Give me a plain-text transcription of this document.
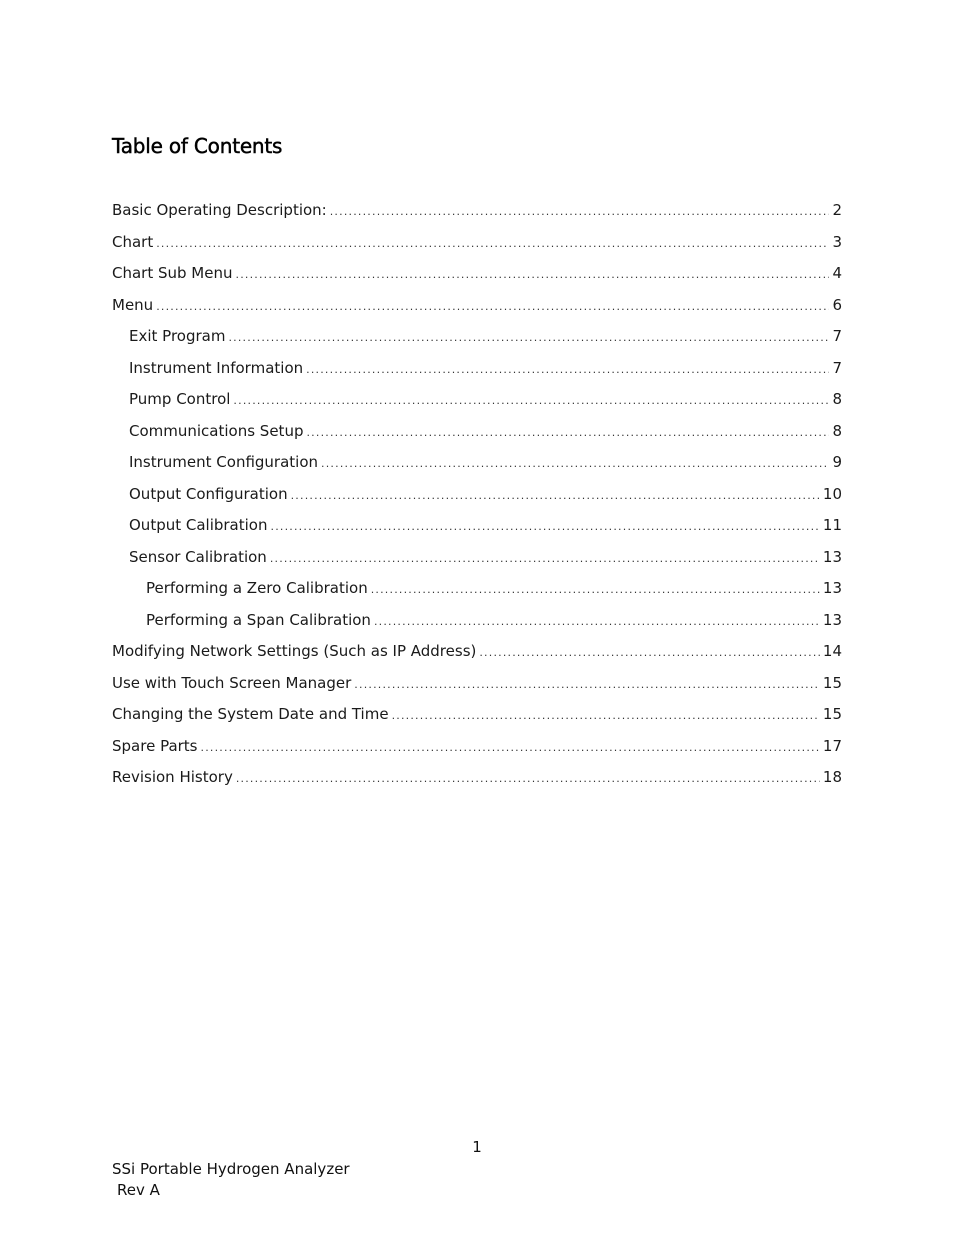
Table of Contents
Basic Operating Description: .....	2
Chart .....	3
Chart Sub Menu .....	4
Menu .....	6
Exit Program .....	7
Instrument Information .....	7
Pump Control .....	8
Communications Setup .....	8
Instrument Configuration .....	9
Output Configuration .....	10
Output Calibration .....	11
Sensor Calibration .....	13
Performing a Zero Calibration .....	13
Performing a Span Calibration .....	13
Modifying Network Settings (Such as IP Address) .....	14
Use with Touch Screen Manager .....	15
Changing the System Date and Time .....	15
Spare Parts .....	17
Revision History .....	18
1
SSi Portable Hydrogen Analyzer
Rev A
